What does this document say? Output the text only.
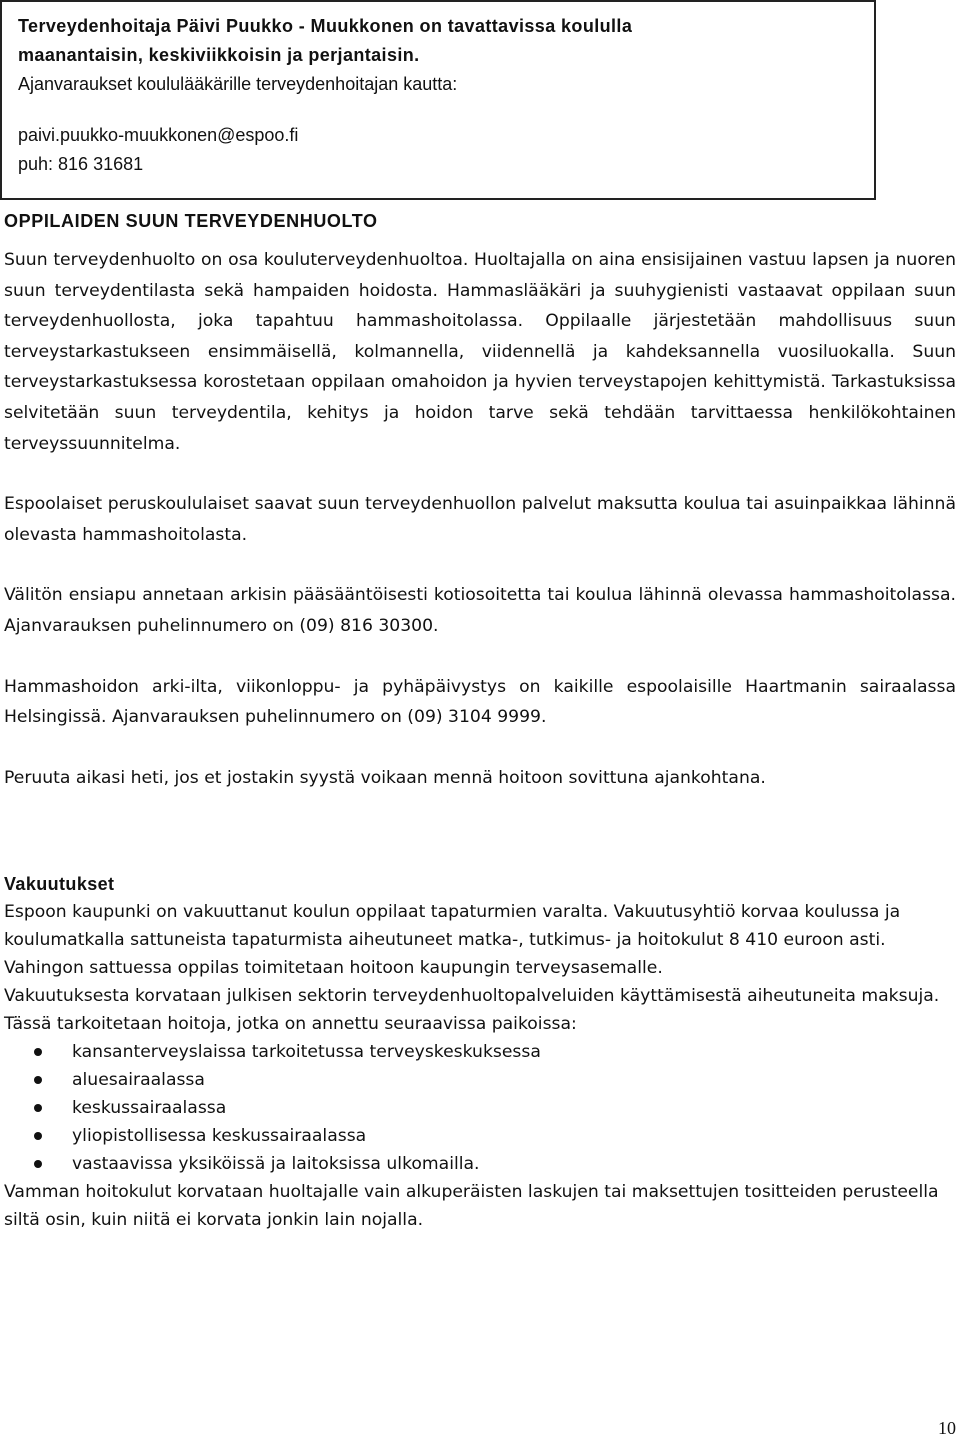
Terveydenhoitaja Päivi Puukko - Muukkonen on tavattavissa koululla
maanantaisin, keskiviikkoisin ja perjantaisin.
Ajanvaraukset koululääkärille terveydenhoitajan kautta:
paivi.puukko-muukkonen@espoo.fi
puh: 816 31681
OPPILAIDEN SUUN TERVEYDENHUOLTO

Suun terveydenhuolto on osa kouluterveydenhuoltoa. Huoltajalla on aina ensisijainen vastuu lapsen ja nuoren suun terveydentilasta sekä hampaiden hoidosta. Hammaslääkäri ja suuhygienisti vastaavat oppilaan suun terveydenhuollosta, joka tapahtuu hammashoitolassa. Oppilaalle järjestetään mahdollisuus suun terveystarkastukseen ensimmäisellä, kolmannella, viidennellä ja kahdeksannella vuosiluokalla. Suun terveystarkastuksessa korostetaan oppilaan omahoidon ja hyvien terveystapojen kehittymistä. Tarkastuksissa selvitetään suun terveydentila, kehitys ja hoidon tarve sekä tehdään tarvittaessa henkilökohtainen terveyssuunnitelma.

Espoolaiset peruskoululaiset saavat suun terveydenhuollon palvelut maksutta koulua tai asuinpaikkaa lähinnä olevasta hammashoitolasta.

Välitön ensiapu annetaan arkisin pääsääntöisesti kotiosoitetta tai koulua lähinnä olevassa hammashoitolassa. Ajanvarauksen puhelinnumero on (09) 816 30300.

Hammashoidon arki-ilta, viikonloppu- ja pyhäpäivystys on kaikille espoolaisille Haartmanin sairaalassa Helsingissä. Ajanvarauksen puhelinnumero on (09) 3104 9999.

Peruuta aikasi heti, jos et jostakin syystä voikaan mennä hoitoon sovittuna ajankohtana.

Vakuutukset

Espoon kaupunki on vakuuttanut koulun oppilaat tapaturmien varalta. Vakuutusyhtiö korvaa koulussa ja koulumatkalla sattuneista tapaturmista aiheutuneet matka-, tutkimus- ja hoitokulut 8 410 euroon asti.

Vahingon sattuessa oppilas toimitetaan hoitoon kaupungin terveysasemalle.

Vakuutuksesta korvataan julkisen sektorin terveydenhuoltopalveluiden käyttämisestä aiheutuneita maksuja. Tässä tarkoitetaan hoitoja, jotka on annettu seuraavissa paikoissa:

kansanterveyslaissa tarkoitetussa terveyskeskuksessa
aluesairaalassa
keskussairaalassa
yliopistollisessa keskussairaalassa
vastaavissa yksiköissä ja laitoksissa ulkomailla.

Vamman hoitokulut korvataan huoltajalle vain alkuperäisten laskujen tai maksettujen tositteiden perusteella siltä osin, kuin niitä ei korvata jonkin lain nojalla.

10
